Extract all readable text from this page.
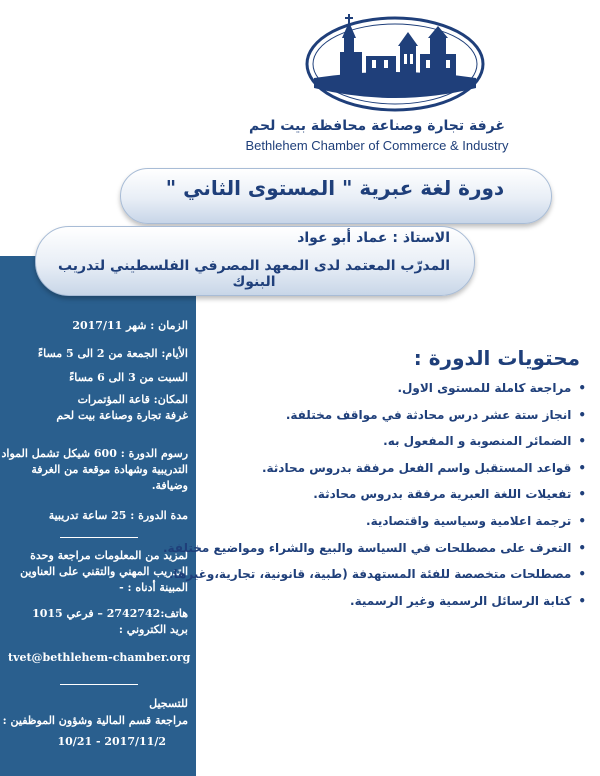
غرفة تجارة وصناعة محافظة بيت لحم
Bethlehem Chamber of Commerce & Industry
دورة لغة عبرية " المستوى الثاني "
الاستاذ : عماد أبو عواد
المدرّب المعتمد لدى المعهد المصرفي الفلسطيني لتدريب البنوك
الزمان : شهر 2017/11
الأيام: الجمعة من 2 الى 5 مساءً
السبت من 3 الى 6 مساءً
المكان: قاعة المؤتمرات
غرفة تجارة وصناعة بيت لحم
رسوم الدورة : 600 شيكل تشمل المواد
التدريبية وشهادة موقعة من الغرفة
وضيافة.
مدة الدورة : 25 ساعة تدريبية
لمزيد من المعلومات مراجعة وحدة
التدريب المهني والتقني على العناوين
المبينة أدناه : -
هاتف:2742742 – فرعي 1015
بريد الكتروني :
tvet@bethlehem-chamber.org
للتسجيل
مراجعة قسم المالية وشؤون الموظفين :
2017/11/2 - 10/21
محتويات الدورة :
• مراجعة كاملة للمستوى الاول.
• انجاز ستة عشر درس محادثة في مواقف مختلفة.
• الضمائر المنصوبة و المفعول به.
• قواعد المستقبل واسم الفعل مرفقة بدروس محادثة.
• تفعيلات اللغة العبرية مرفقة بدروس محادثة.
• ترجمة اعلامية وسياسية واقتصادية.
• التعرف على مصطلحات في السياسة والبيع والشراء ومواضيع مختلفة.
• مصطلحات متخصصة للفئة المستهدفة (طبية، قانونية، تجارية،وغيرها.
• كتابة الرسائل الرسمية وغير الرسمية.
